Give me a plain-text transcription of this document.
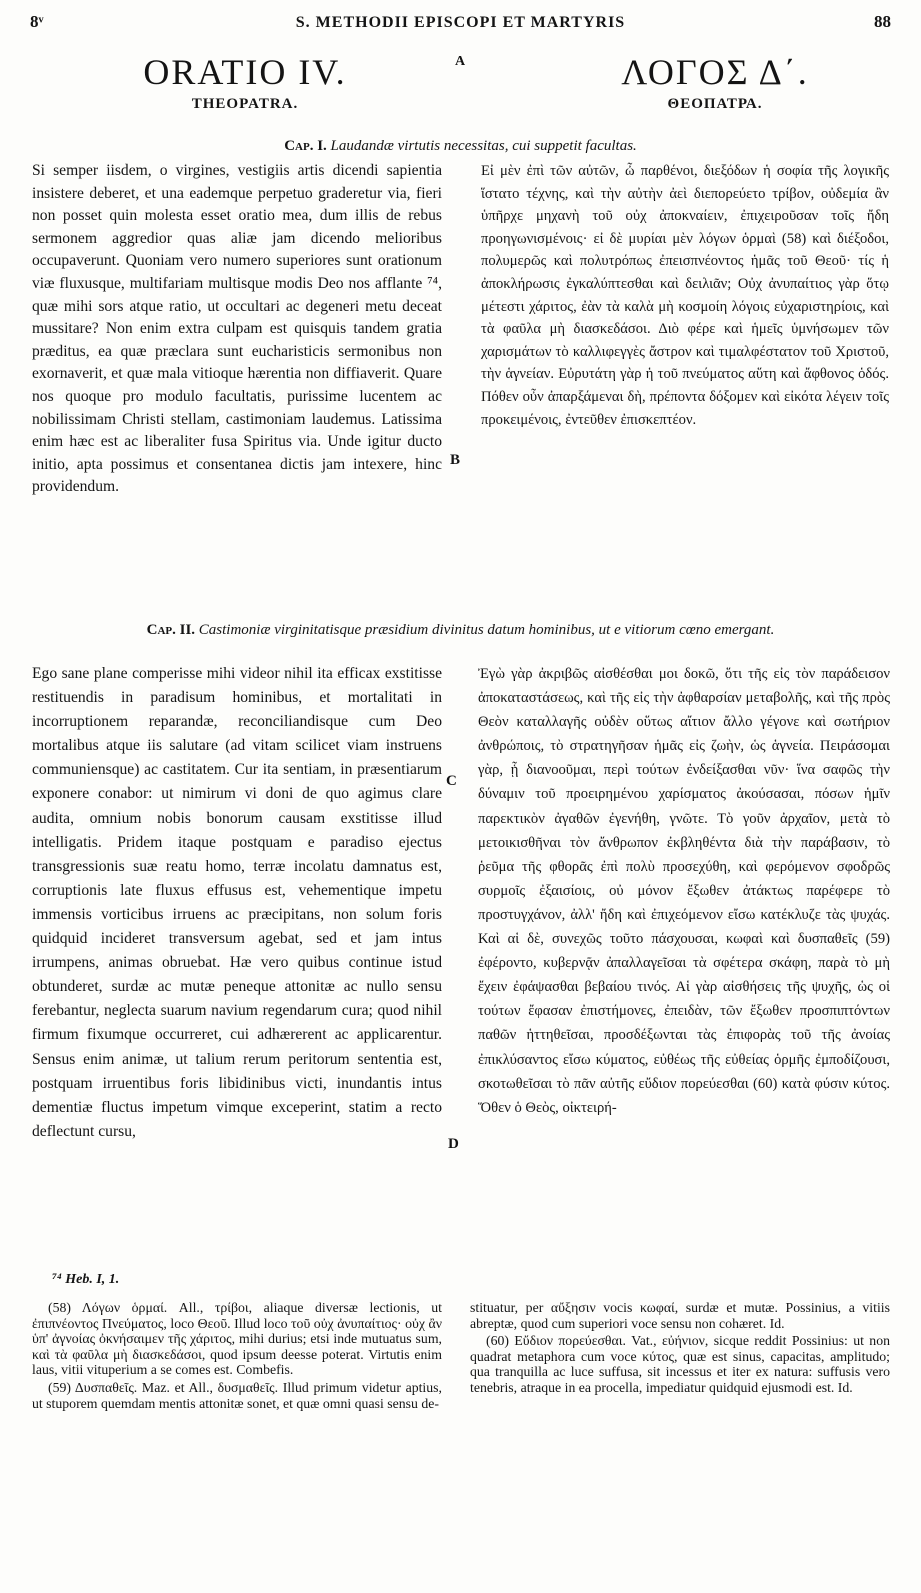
8ᵛ	S. METHODII EPISCOPI ET MARTYRIS	88
ORATIO IV.
THEOPATRA.
A	ΛΟΓΟΣ Δ΄.
ΘΕΟΠΑΤΡΑ.
Cap. I. Laudandæ virtutis necessitas, cui suppetit facultas.
Si semper iisdem, o virgines, vestigiis artis dicendi sapientia insistere deberet, et una eademque perpetuo graderetur via, fieri non posset quin molesta esset oratio mea, dum illis de rebus sermonem aggredior quas aliæ jam dicendo melioribus occupaverunt. Quoniam vero numero superiores sunt orationum viæ fluxusque, multifariam multisque modis Deo nos afflante ⁷⁴, quæ mihi sors atque ratio, ut occultari ac degeneri metu deceat mussitare? Non enim extra culpam est quisquis tandem gratia præditus, ea quæ præclara sunt eucharisticis sermonibus non exornaverit, et quæ mala vitioque hærentia non diffiaverit. Quare nos quoque pro modulo facultatis, purissime lucentem ac nobilissimam Christi stellam, castimoniam laudemus. Latissima enim hæc est ac liberaliter fusa Spiritus via. Unde igitur ducto initio, apta possimus et consentanea dictis jam intexere, hinc providendum.
Εἰ μὲν ἐπὶ τῶν αὐτῶν, ὦ παρθένοι, διεξόδων ἡ σοφία τῆς λογικῆς ἵστατο τέχνης, καὶ τὴν αὐτὴν ἀεὶ διεπορεύετο τρίβον, οὐδεμία ἂν ὑπῆρχε μηχανὴ τοῦ οὐχ ἀποκναίειν, ἐπιχειροῦσαν τοῖς ἤδη προηγωνισμένοις· εἰ δὲ μυρίαι μὲν λόγων ὁρμαὶ (58) καὶ διέξοδοι, πολυμερῶς καὶ πολυτρόπως ἐπεισπνέοντος ἡμᾶς τοῦ Θεοῦ· τίς ἡ ἀποκλήρωσις ἐγκαλύπτεσθαι καὶ δειλιᾶν; Οὐχ ἀνυπαίτιος γὰρ ὅτῳ μέτεστι χάριτος, ἐὰν τὰ καλὰ μὴ κοσμοίη λόγοις εὐχαριστηρίοις, καὶ τὰ φαῦλα μὴ διασκεδάσοι. Διὸ φέρε καὶ ἡμεῖς ὑμνήσωμεν τῶν χαρισμάτων τὸ καλλιφεγγὲς ἄστρον καὶ τιμαλφέστατον τοῦ Χριστοῦ, τὴν ἁγνείαν. Εὐρυτάτη γὰρ ἡ τοῦ πνεύματος αὕτη καὶ ἄφθονος ὁδός. Πόθεν οὖν ἀπαρξάμεναι δὴ, πρέποντα δόξομεν καὶ εἰκότα λέγειν τοῖς προκειμένοις, ἐντεῦθεν ἐπισκεπτέον.
B
Cap. II. Castimoniæ virginitatisque præsidium divinitus datum hominibus, ut e vitiorum cœno emergant.
Ego sane plane comperisse mihi videor nihil ita efficax exstitisse restituendis in paradisum hominibus, et mortalitati in incorruptionem reparandæ, reconciliandisque cum Deo mortalibus atque iis salutare (ad vitam scilicet viam instruens communiensque) ac castitatem. Cur ita sentiam, in præsentiarum exponere conabor: ut nimirum vi doni de quo agimus clare audita, omnium nobis bonorum causam exstitisse illud intelligatis. Pridem itaque postquam e paradiso ejectus transgressionis suæ reatu homo, terræ incolatu damnatus est, corruptionis late fluxus effusus est, vehementique impetu immensis vorticibus irruens ac præcipitans, non solum foris quidquid incideret transversum agebat, sed et jam intus irrumpens, animas obruebat. Hæ vero quibus continue istud obtunderet, surdæ ac mutæ peneque attonitæ ac nullo sensu ferebantur, neglecta suarum navium regendarum cura; quod nihil firmum fixumque occurreret, cui adhærerent ac applicarentur. Sensus enim animæ, ut talium rerum peritorum sententia est, postquam irruentibus foris libidinibus victi, inundantis intus dementiæ fluctus impetum vimque exceperint, statim a recto deflectunt cursu,
Ἐγὼ γὰρ ἀκριβῶς αἰσθέσθαι μοι δοκῶ, ὅτι τῆς εἰς τὸν παράδεισον ἀποκαταστάσεως, καὶ τῆς εἰς τὴν ἀφθαρσίαν μεταβολῆς, καὶ τῆς πρὸς Θεὸν καταλλαγῆς οὐδὲν οὕτως αἴτιον ἄλλο γέγονε καὶ σωτήριον ἀνθρώποις, τὸ στρατηγῆσαν ἡμᾶς εἰς ζωὴν, ὡς ἁγνεία. Πειράσομαι γὰρ, ᾗ διανοοῦμαι, περὶ τούτων ἐνδείξασθαι νῦν· ἵνα σαφῶς τὴν δύναμιν τοῦ προειρημένου χαρίσματος ἀκούσασαι, πόσων ἡμῖν παρεκτικὸν ἀγαθῶν ἐγενήθη, γνῶτε. Τὸ γοῦν ἀρχαῖον, μετὰ τὸ μετοικισθῆναι τὸν ἄνθρωπον ἐκβληθέντα διὰ τὴν παράβασιν, τὸ ῥεῦμα τῆς φθορᾶς ἐπὶ πολὺ προσεχύθη, καὶ φερόμενον σφοδρῶς συρμοῖς ἐξαισίοις, οὐ μόνον ἔξωθεν ἀτάκτως παρέφερε τὸ προστυγχάνον, ἀλλ' ἤδη καὶ ἐπιχεόμενον εἴσω κατέκλυζε τὰς ψυχάς. Καὶ αἱ δὲ, συνεχῶς τοῦτο πάσχουσαι, κωφαὶ καὶ δυσπαθεῖς (59) ἐφέροντο, κυβερνᾷν ἀπαλλαγεῖσαι τὰ σφέτερα σκάφη, παρὰ τὸ μὴ ἔχειν ἐφάψασθαι βεβαίου τινός. Αἱ γὰρ αἰσθήσεις τῆς ψυχῆς, ὡς οἱ τούτων ἔφασαν ἐπιστήμονες, ἐπειδὰν, τῶν ἔξωθεν προσπιπτόντων παθῶν ἡττηθεῖσαι, προσδέξωνται τὰς ἐπιφορὰς τοῦ τῆς ἀνοίας ἐπικλύσαντος εἴσω κύματος, εὐθέως τῆς εὐθείας ὁρμῆς ἐμποδίζουσι, σκοτωθεῖσαι τὸ πᾶν αὐτῆς εὔδιον πορεύεσθαι (60) κατὰ φύσιν κύτος. Ὅθεν ὁ Θεὸς, οἰκτειρή-
C
D
⁷⁴ Heb. I, 1.

(58) Λόγων ὁρμαί. All., τρίβοι, aliaque diversæ lectionis, ut ἐπιπνέοντος Πνεύματος, loco Θεοῦ. Illud loco τοῦ οὐχ ἀνυπαίτιος· οὐχ ἂν ὑπ' ἀγνοίας ὀκνήσαιμεν τῆς χάριτος, mihi durius; etsi inde mutuatus sum, καὶ τὰ φαῦλα μὴ διασκεδάσοι, quod ipsum deesse poterat. Virtutis enim laus, vitii vituperium a se comes est. Combefis.

(59) Δυσπαθεῖς. Maz. et All., δυσμαθεῖς. Illud primum videtur aptius, ut stuporem quemdam mentis attonitæ sonet, et quæ omni quasi sensu de-

stituatur, per αὔξησιν vocis κωφαί, surdæ et mutæ. Possinius, a vitiis abreptæ, quod cum superiori voce sensu non cohæret. Id.

(60) Εὔδιον πορεύεσθαι. Vat., εὐήνιον, sicque reddit Possinius: ut non quadrat metaphora cum voce κύτος, quæ est sinus, capacitas, amplitudo; qua tranquilla ac luce suffusa, sit incessus et iter ex natura: suffusis vero tenebris, atraque in ea procella, impediatur quidquid ejusmodi est. Id.
